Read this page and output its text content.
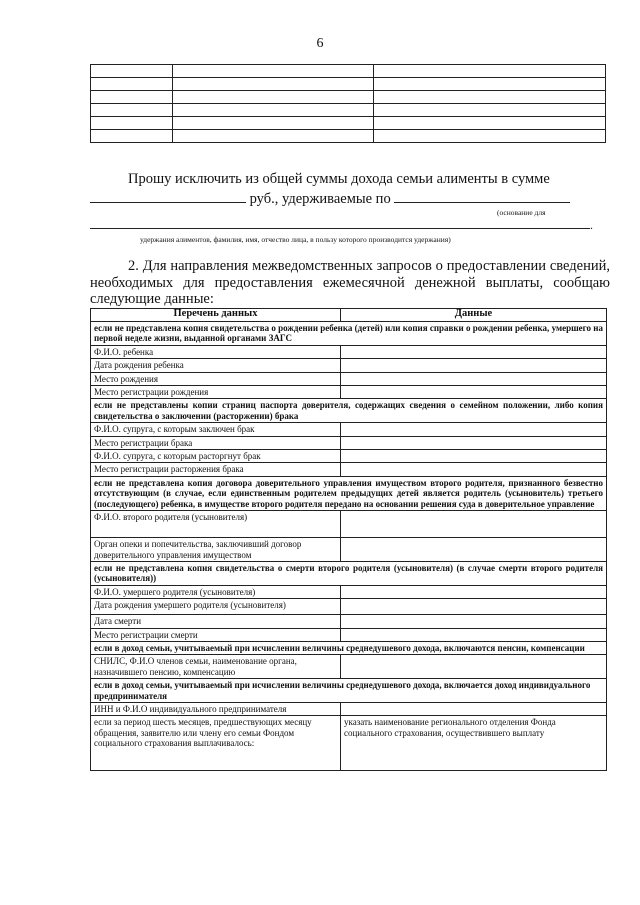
6

Прошу исключить из общей суммы дохода семьи алименты в сумме
руб., удерживаемые по
(основание для
.
удержания алиментов, фамилия, имя, отчество лица, в пользу которого производится удержания)
2. Для направления межведомственных запросов о предоставлении сведений, необходимых для предоставления ежемесячной денежной выплаты, сообщаю следующие данные:
Перечень данных	Данные
если не представлена копия свидетельства о рождении ребенка (детей) или копия справки о рождении ребенка, умершего на первой неделе жизни, выданной органами ЗАГС	
Ф.И.О. ребенка	
Дата рождения ребенка	
Место рождения	
Место регистрации рождения	
если не представлены копии страниц паспорта доверителя, содержащих сведения о семейном положении, либо копия свидетельства о заключении (расторжении) брака	
Ф.И.О. супруга, с которым заключен брак	
Место регистрации брака	
Ф.И.О. супруга, с которым расторгнут брак	
Место регистрации расторжения брака	
если не представлена копия договора доверительного управления имуществом второго родителя, признанного безвестно отсутствующим (в случае, если единственным родителем предыдущих детей является родитель (усыновитель) третьего (последующего) ребенка, в имуществе второго родителя передано на основании решения суда в доверительное управление	
Ф.И.О. второго родителя (усыновителя)	
Орган опеки и попечительства, заключивший договор доверительного управления имуществом	
если не представлена копия свидетельства о смерти второго родителя (усыновителя) (в случае смерти второго родителя (усыновителя))	
Ф.И.О. умершего родителя (усыновителя)	
Дата рождения умершего родителя (усыновителя)	
Дата смерти	
Место регистрации смерти	
если в доход семьи, учитываемый при исчислении величины среднедушевого дохода, включаются пенсии, компенсации	
СНИЛС, Ф.И.О членов семьи, наименование органа, назначившего пенсию, компенсацию	
если в доход семьи, учитываемый при исчислении величины среднедушевого дохода, включается доход индивидуального предпринимателя	
ИНН и Ф.И.О индивидуального предпринимателя	
если за период шесть месяцев, предшествующих месяцу обращения, заявителю или члену его семьи Фондом социального страхования выплачивалось:	указать наименование регионального отделения Фонда социального страхования, осуществившего выплату
